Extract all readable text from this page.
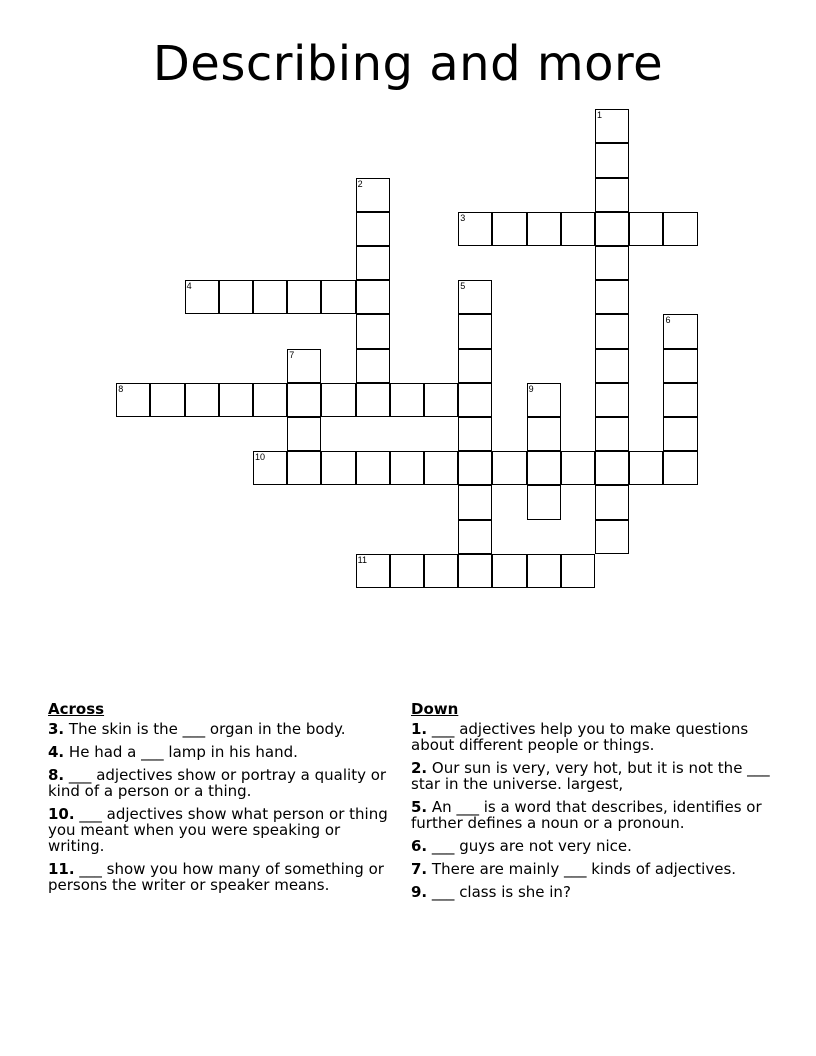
Describing and more
1
2
3
4	5
6
7
8	9
10
11
Across
3. The skin is the ___ organ in the body.
4. He had a ___ lamp in his hand.
8. ___ adjectives show or portray a quality or kind of a person or a thing.
10. ___ adjectives show what person or thing you meant when you were speaking or writing.
11. ___ show you how many of something or persons the writer or speaker means.
Down
1. ___ adjectives help you to make questions about different people or things.
2. Our sun is very, very hot, but it is not the ___ star in the universe. largest,
5. An ___ is a word that describes, identifies or further defines a noun or a pronoun.
6. ___ guys are not very nice.
7. There are mainly ___ kinds of adjectives.
9. ___ class is she in?
